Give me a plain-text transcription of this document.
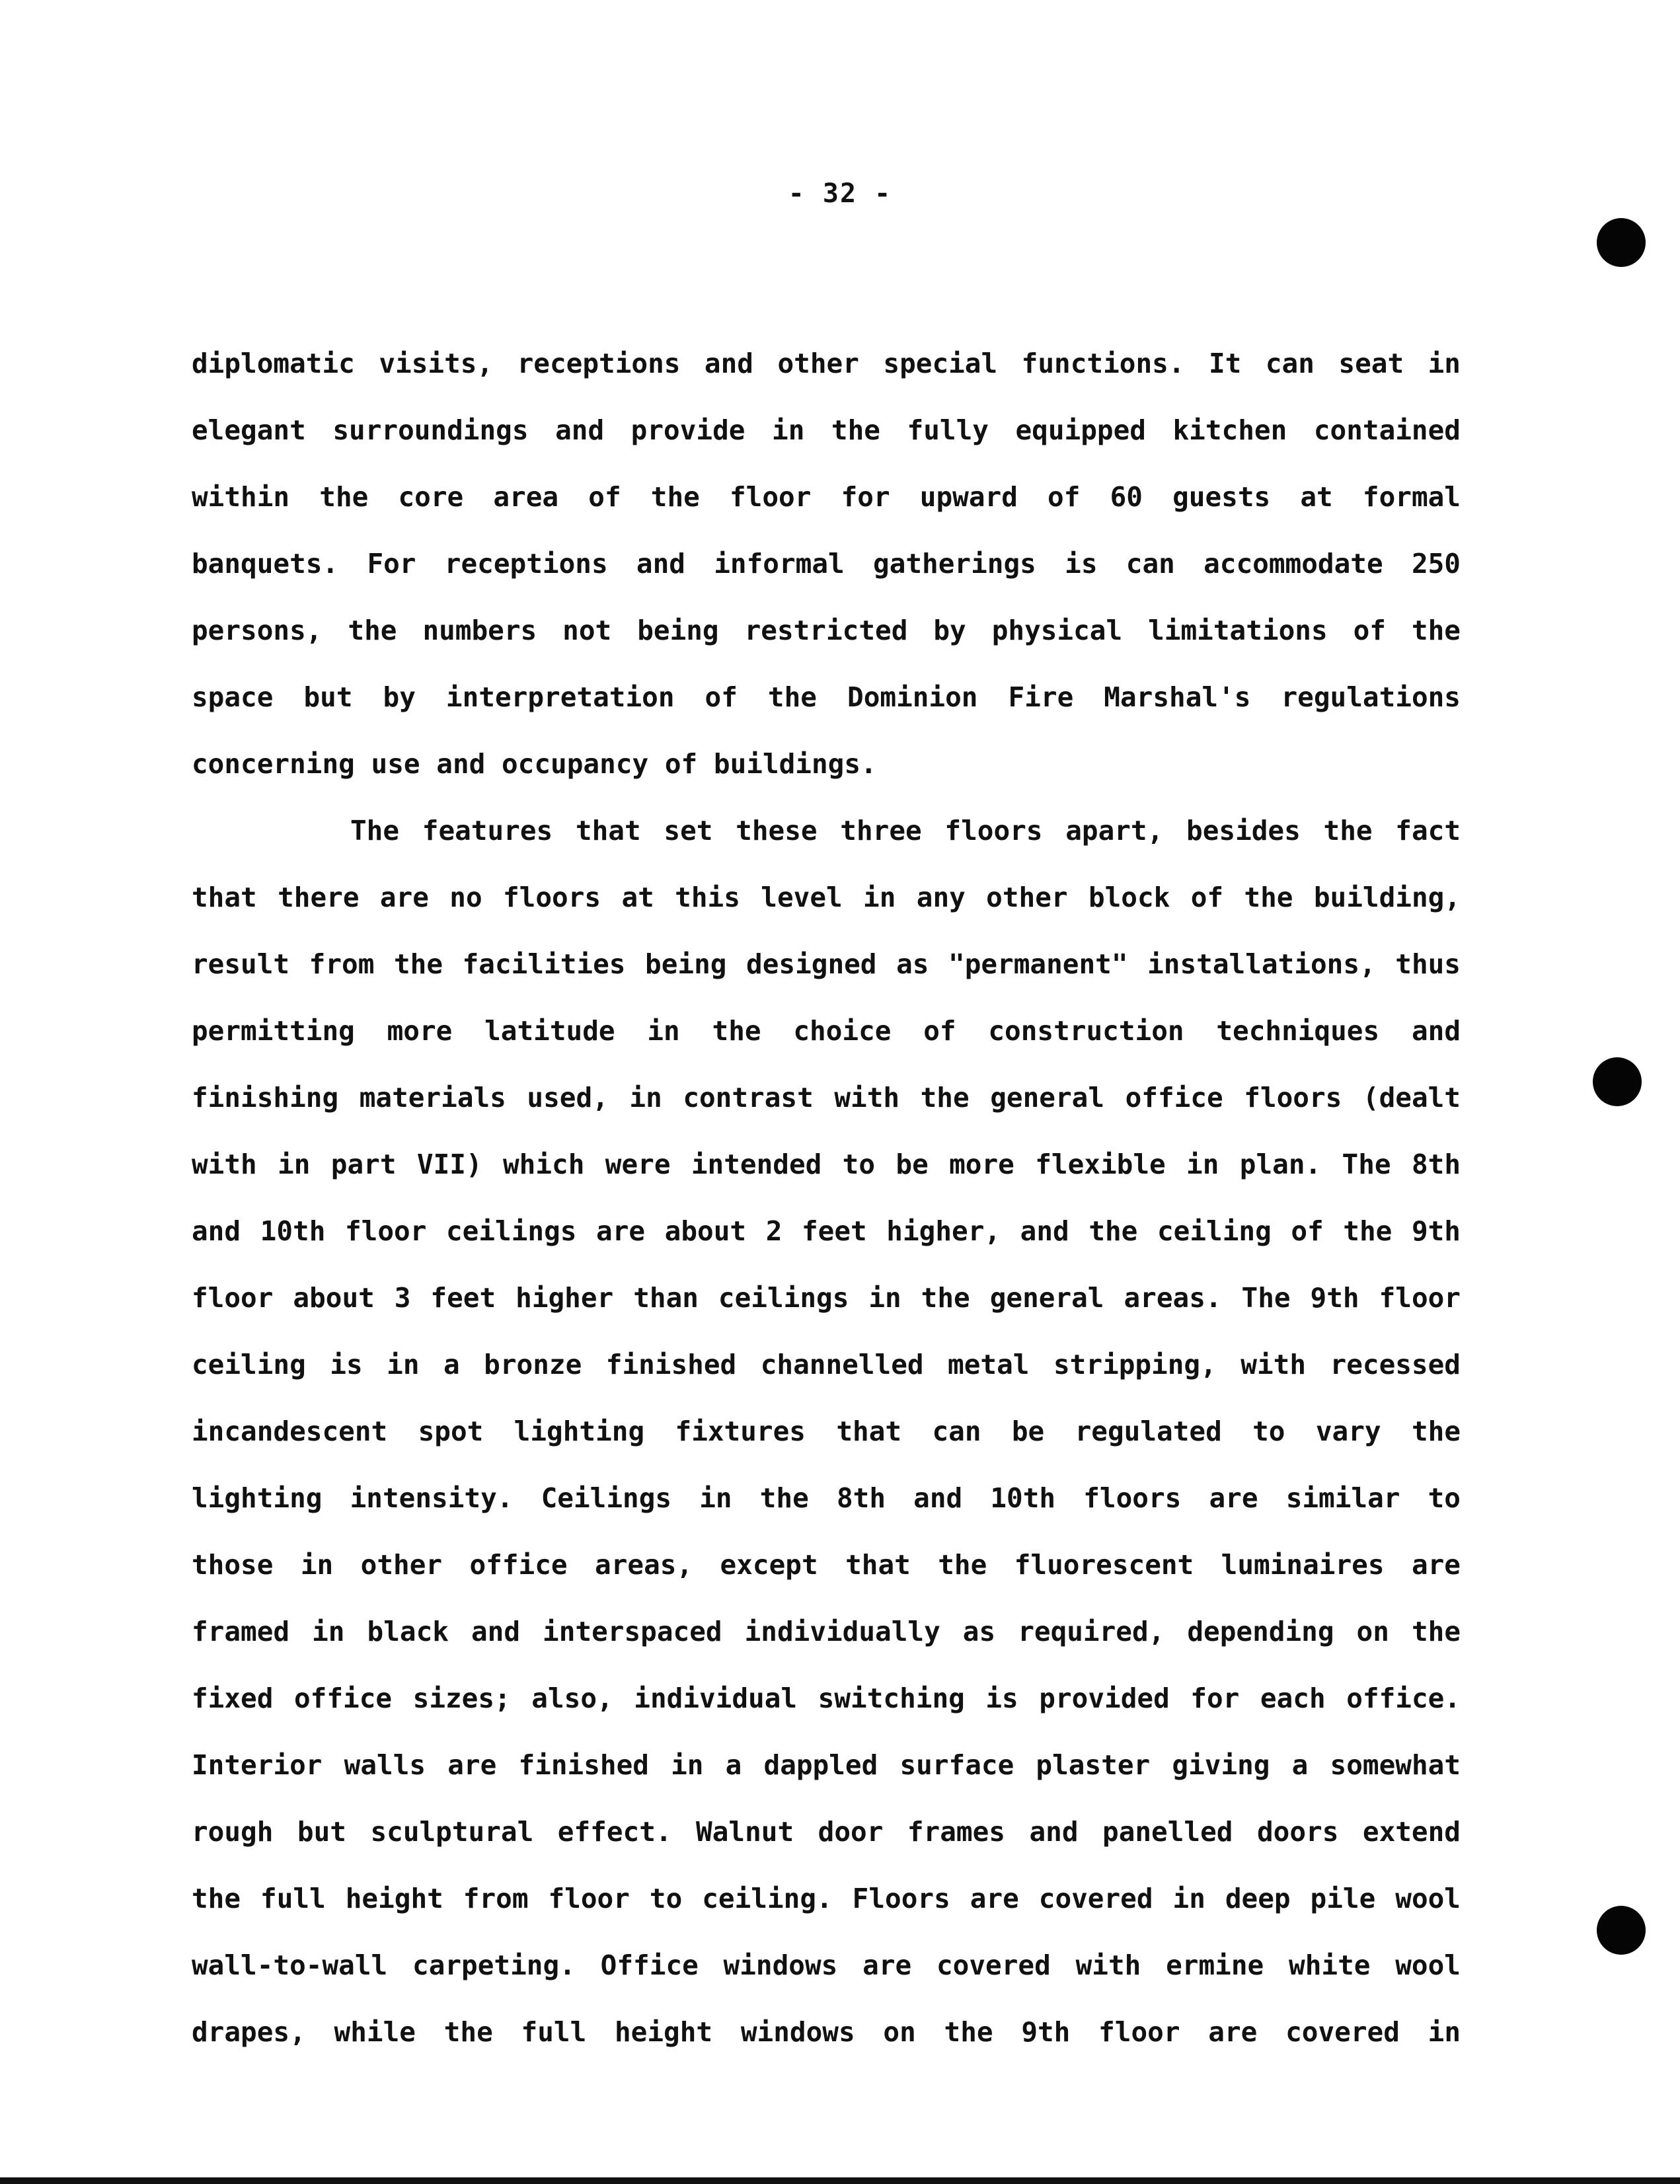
- 32 -
diplomatic visits, receptions and other special functions. It can seat in
elegant surroundings and provide in the fully equipped kitchen contained
within the core area of the floor for upward of 60 guests at formal
banquets. For receptions and informal gatherings is can accommodate 250
persons, the numbers not being restricted by physical limitations of the
space but by interpretation of the Dominion Fire Marshal's regulations
concerning use and occupancy of buildings.
The features that set these three floors apart, besides the fact
that there are no floors at this level in any other block of the building,
result from the facilities being designed as "permanent" installations, thus
permitting more latitude in the choice of construction techniques and
finishing materials used, in contrast with the general office floors (dealt
with in part VII) which were intended to be more flexible in plan. The 8th
and 10th floor ceilings are about 2 feet higher, and the ceiling of the 9th
floor about 3 feet higher than ceilings in the general areas. The 9th floor
ceiling is in a bronze finished channelled metal stripping, with recessed
incandescent spot lighting fixtures that can be regulated to vary the
lighting intensity. Ceilings in the 8th and 10th floors are similar to
those in other office areas, except that the fluorescent luminaires are
framed in black and interspaced individually as required, depending on the
fixed office sizes; also, individual switching is provided for each office.
Interior walls are finished in a dappled surface plaster giving a somewhat
rough but sculptural effect. Walnut door frames and panelled doors extend
the full height from floor to ceiling. Floors are covered in deep pile wool
wall-to-wall carpeting. Office windows are covered with ermine white wool
drapes, while the full height windows on the 9th floor are covered in
